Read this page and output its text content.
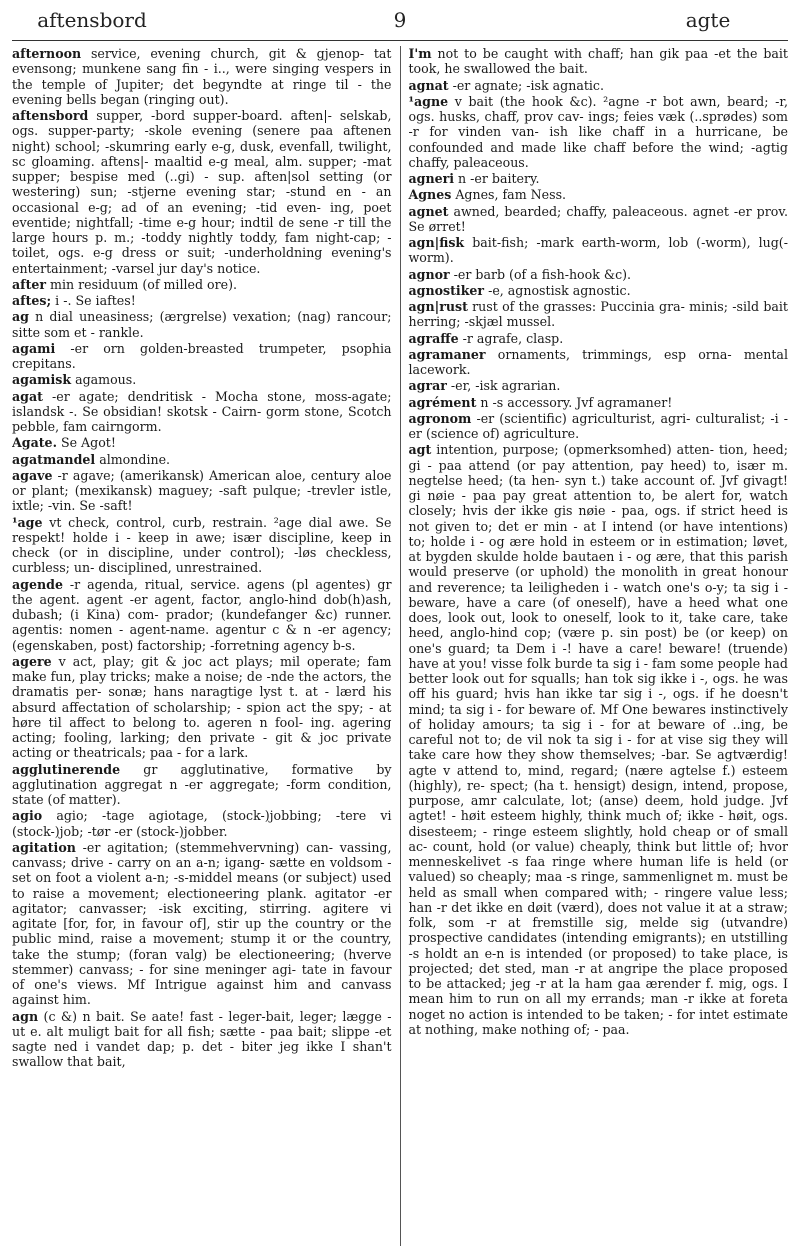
aftensbord	9	agte

afternoon service, evening church, git & gjenop- tat evensong; munkene sang fin - i.., were singing vespers in the temple of Jupiter; det begyndte at ringe til - the evening bells began (ringing out).

aftensbord supper, -bord supper-board. aften|- selskab, ogs. supper-party; -skole evening (senere paa aftenen night) school; -skumring early e-g, dusk, evenfall, twilight, sc gloaming. aftens|- maaltid e-g meal, alm. supper; -mat supper; bespise med (..gi) - sup. aften|sol setting (or westering) sun; -stjerne evening star; -stund en - an occasional e-g; ad of an evening; -tid even- ing, poet eventide; nightfall; -time e-g hour; indtil de sene -r till the large hours p. m.; -toddy nightly toddy, fam night-cap; -toilet, ogs. e-g dress or suit; -underholdning evening's entertainment; -varsel jur day's notice.

after min residuum (of milled ore).

aftes; i -. Se iaftes!

ag n dial uneasiness; (ærgrelse) vexation; (nag) rancour; sitte som et - rankle.

agami -er orn golden-breasted trumpeter, psophia crepitans.

agamisk agamous.

agat -er agate; dendritisk - Mocha stone, moss-agate; islandsk -. Se obsidian! skotsk - Cairn- gorm stone, Scotch pebble, fam cairngorm.

Agate. Se Agot!

agatmandel almondine.

agave -r agave; (amerikansk) American aloe, century aloe or plant; (mexikansk) maguey; -saft pulque; -trevler istle, ixtle; -vin. Se -saft!

¹age vt check, control, curb, restrain. ²age dial awe. Se respekt! holde i - keep in awe; især discipline, keep in check (or in discipline, under control); -løs checkless, curbless; un- disciplined, unrestrained.

agende -r agenda, ritual, service. agens (pl agentes) gr the agent. agent -er agent, factor, anglo-hind dob(h)ash, dubash; (i Kina) com- prador; (kundefanger &c) runner. agentis: nomen - agent-name. agentur c & n -er agency; (egenskaben, post) factorship; -forretning agency b-s.

agere v act, play; git & joc act plays; mil operate; fam make fun, play tricks; make a noise; de -nde the actors, the dramatis per- sonæ; hans naragtige lyst t. at - lærd his absurd affectation of scholarship; - spion act the spy; - at høre til affect to belong to. ageren n fool- ing. agering acting; fooling, larking; den private - git & joc private acting or theatricals; paa - for a lark.

agglutinerende gr agglutinative, formative by agglutination aggregat n -er aggregate; -form condition, state (of matter).

agio agio; -tage agiotage, (stock-)jobbing; -tere vi (stock-)job; -tør -er (stock-)jobber.

agitation -er agitation; (stemmehvervning) can- vassing, canvass; drive - carry on an a-n; igang- sætte en voldsom - set on foot a violent a-n; -s-middel means (or subject) used to raise a movement; electioneering plank. agitator -er agitator; canvasser; -isk exciting, stirring. agitere vi agitate [for, for, in favour of], stir up the country or the public mind, raise a movement; stump it or the country, take the stump; (foran valg) be electioneering; (hverve stemmer) canvass; - for sine meninger agi- tate in favour of one's views. Mf Intrigue against him and canvass against him.

agn (c &) n bait. Se aate! fast - leger-bait, leger; lægge - ut e. alt muligt bait for all fish; sætte - paa bait; slippe -et sagte ned i vandet dap; p. det - biter jeg ikke I shan't swallow that bait,

I'm not to be caught with chaff; han gik paa -et the bait took, he swallowed the bait.

agnat -er agnate; -isk agnatic.

¹agne v bait (the hook &c). ²agne -r bot awn, beard; -r, ogs. husks, chaff, prov cav- ings; feies væk (..sprødes) som -r for vinden van- ish like chaff in a hurricane, be confounded and made like chaff before the wind; -agtig chaffy, paleaceous.

agneri n -er baitery.

Agnes Agnes, fam Ness.

agnet awned, bearded; chaffy, paleaceous. agnet -er prov. Se ørret!

agn|fisk bait-fish; -mark earth-worm, lob (-worm), lug(-worm).

agnor -er barb (of a fish-hook &c).

agnostiker -e, agnostisk agnostic.

agn|rust rust of the grasses: Puccinia gra- minis; -sild bait herring; -skjæl mussel.

agraffe -r agrafe, clasp.

agramaner ornaments, trimmings, esp orna- mental lacework.

agrar -er, -isk agrarian.

agrément n -s accessory. Jvf agramaner!

agronom -er (scientific) agriculturist, agri- culturalist; -i -er (science of) agriculture.

agt intention, purpose; (opmerksomhed) atten- tion, heed; gi - paa attend (or pay attention, pay heed) to, især m. negtelse heed; (ta hen- syn t.) take account of. Jvf givagt! gi nøie - paa pay great attention to, be alert for, watch closely; hvis der ikke gis nøie - paa, ogs. if strict heed is not given to; det er min - at I intend (or have intentions) to; holde i - og ære hold in esteem or in estimation; løvet, at bygden skulde holde bautaen i - og ære, that this parish would preserve (or uphold) the monolith in great honour and reverence; ta leiligheden i - watch one's o-y; ta sig i - beware, have a care (of oneself), have a heed what one does, look out, look to oneself, look to it, take care, take heed, anglo-hind cop; (være p. sin post) be (or keep) on one's guard; ta Dem i -! have a care! beware! (truende) have at you! visse folk burde ta sig i - fam some people had better look out for squalls; han tok sig ikke i -, ogs. he was off his guard; hvis han ikke tar sig i -, ogs. if he doesn't mind; ta sig i - for beware of. Mf One bewares instinctively of holiday amours; ta sig i - for at beware of ..ing, be careful not to; de vil nok ta sig i - for at vise sig they will take care how they show themselves; -bar. Se agtværdig! agte v attend to, mind, regard; (nære agtelse f.) esteem (highly), re- spect; (ha t. hensigt) design, intend, propose, purpose, amr calculate, lot; (anse) deem, hold judge. Jvf agtet! - høit esteem highly, think much of; ikke - høit, ogs. disesteem; - ringe esteem slightly, hold cheap or of small ac- count, hold (or value) cheaply, think but little of; hvor menneskelivet -s faa ringe where human life is held (or valued) so cheaply; maa -s ringe, sammenlignet m. must be held as small when compared with; - ringere value less; han -r det ikke en døit (værd), does not value it at a straw; folk, som -r at fremstille sig, melde sig (utvandre) prospective candidates (intending emigrants); en utstilling -s holdt an e-n is intended (or proposed) to take place, is projected; det sted, man -r at angripe the place proposed to be attacked; jeg -r at la ham gaa ærender f. mig, ogs. I mean him to run on all my errands; man -r ikke at foreta noget no action is intended to be taken; - for intet estimate at nothing, make nothing of; - paa.
